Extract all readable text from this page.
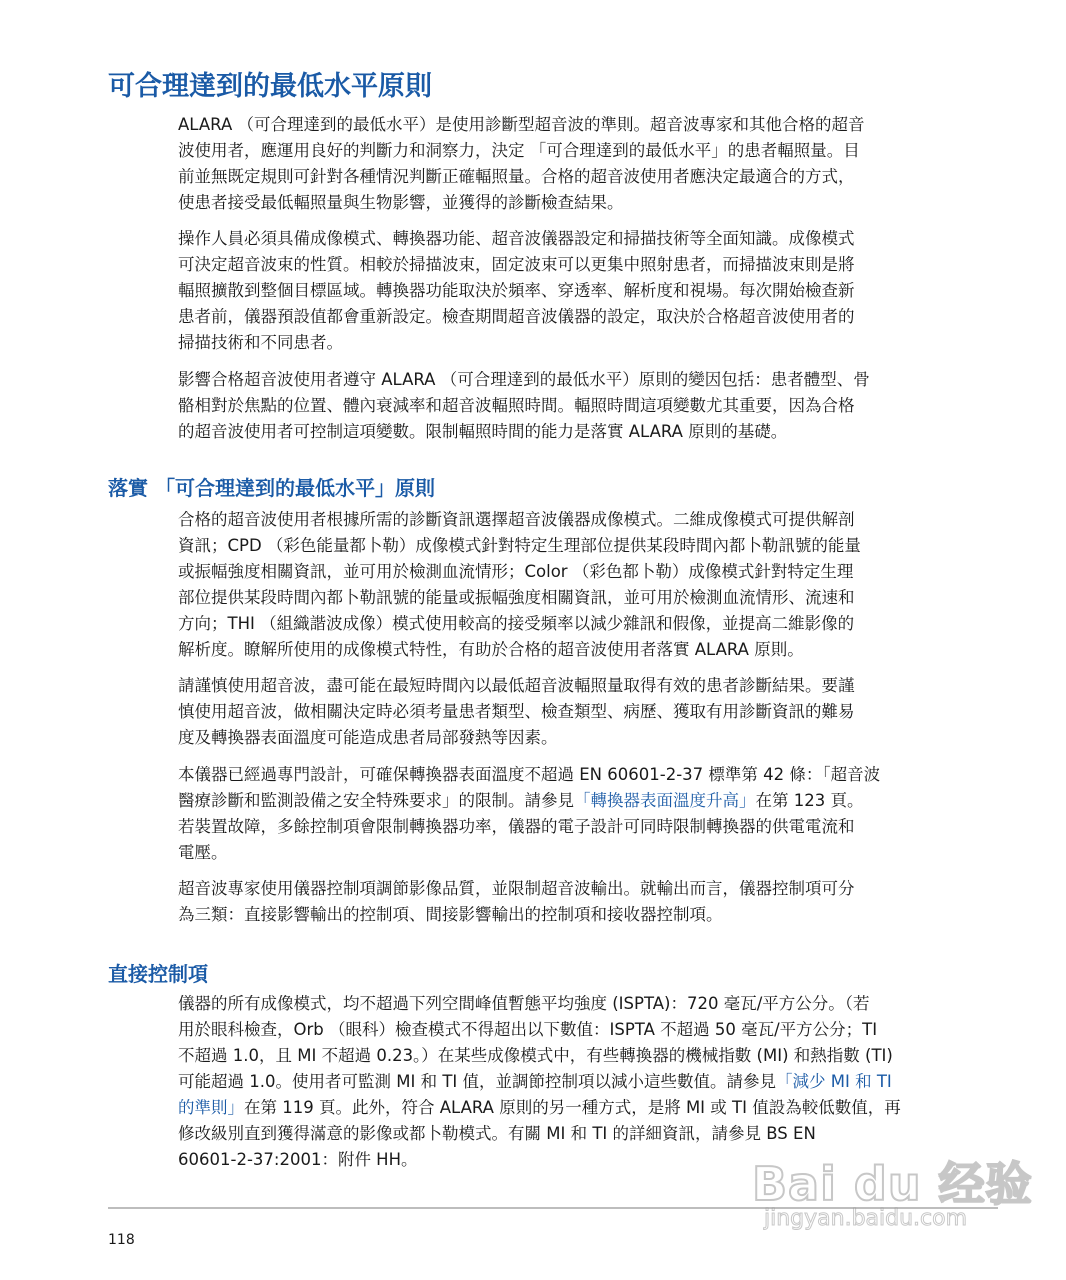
可合理達到的最低水平原則
ALARA （可合理達到的最低水平）是使用診斷型超音波的準則。超音波專家和其他合格的超音
波使用者，應運用良好的判斷力和洞察力，決定 「可合理達到的最低水平」的患者輻照量。目
前並無既定規則可針對各種情況判斷正確輻照量。合格的超音波使用者應決定最適合的方式，
使患者接受最低輻照量與生物影響，並獲得的診斷檢查結果。
操作人員必須具備成像模式、轉換器功能、超音波儀器設定和掃描技術等全面知識。成像模式
可決定超音波束的性質。相較於掃描波束，固定波束可以更集中照射患者，而掃描波束則是將
輻照擴散到整個目標區域。轉換器功能取決於頻率、穿透率、解析度和視場。每次開始檢查新
患者前，儀器預設值都會重新設定。檢查期間超音波儀器的設定，取決於合格超音波使用者的
掃描技術和不同患者。
影響合格超音波使用者遵守 ALARA （可合理達到的最低水平）原則的變因包括：患者體型、骨
骼相對於焦點的位置、體內衰減率和超音波輻照時間。輻照時間這項變數尤其重要，因為合格
的超音波使用者可控制這項變數。限制輻照時間的能力是落實 ALARA 原則的基礎。
落實 「可合理達到的最低水平」原則
合格的超音波使用者根據所需的診斷資訊選擇超音波儀器成像模式。二維成像模式可提供解剖
資訊；CPD （彩色能量都卜勒）成像模式針對特定生理部位提供某段時間內都卜勒訊號的能量
或振幅強度相關資訊，並可用於檢測血流情形；Color （彩色都卜勒）成像模式針對特定生理
部位提供某段時間內都卜勒訊號的能量或振幅強度相關資訊，並可用於檢測血流情形、流速和
方向；THI （組織諧波成像）模式使用較高的接受頻率以減少雜訊和假像，並提高二維影像的
解析度。瞭解所使用的成像模式特性，有助於合格的超音波使用者落實 ALARA 原則。
請謹慎使用超音波，盡可能在最短時間內以最低超音波輻照量取得有效的患者診斷結果。要謹
慎使用超音波，做相關決定時必須考量患者類型、檢查類型、病歷、獲取有用診斷資訊的難易
度及轉換器表面溫度可能造成患者局部發熱等因素。
本儀器已經過專門設計，可確保轉換器表面溫度不超過 EN 60601-2-37 標準第 42 條：「超音波
醫療診斷和監測設備之安全特殊要求」的限制。請參見「轉換器表面溫度升高」在第 123 頁。
若裝置故障，多餘控制項會限制轉換器功率，儀器的電子設計可同時限制轉換器的供電電流和
電壓。
超音波專家使用儀器控制項調節影像品質，並限制超音波輸出。就輸出而言，儀器控制項可分
為三類：直接影響輸出的控制項、間接影響輸出的控制項和接收器控制項。
直接控制項
儀器的所有成像模式，均不超過下列空間峰值暫態平均強度 (ISPTA)：720 毫瓦/平方公分。（若
用於眼科檢查，Orb （眼科）檢查模式不得超出以下數值：ISPTA 不超過 50 毫瓦/平方公分；TI
不超過 1.0，且 MI 不超過 0.23。）在某些成像模式中，有些轉換器的機械指數 (MI) 和熱指數 (TI)
可能超過 1.0。使用者可監測 MI 和 TI 值，並調節控制項以減小這些數值。請參見「減少 MI 和 TI
的準則」在第 119 頁。此外，符合 ALARA 原則的另一種方式，是將 MI 或 TI 值設為較低數值，再
修改級別直到獲得滿意的影像或都卜勒模式。有關 MI 和 TI 的詳細資訊，請參見 BS EN
60601-2-37:2001：附件 HH。
118
Bai du 经验
jingyan.baidu.com
